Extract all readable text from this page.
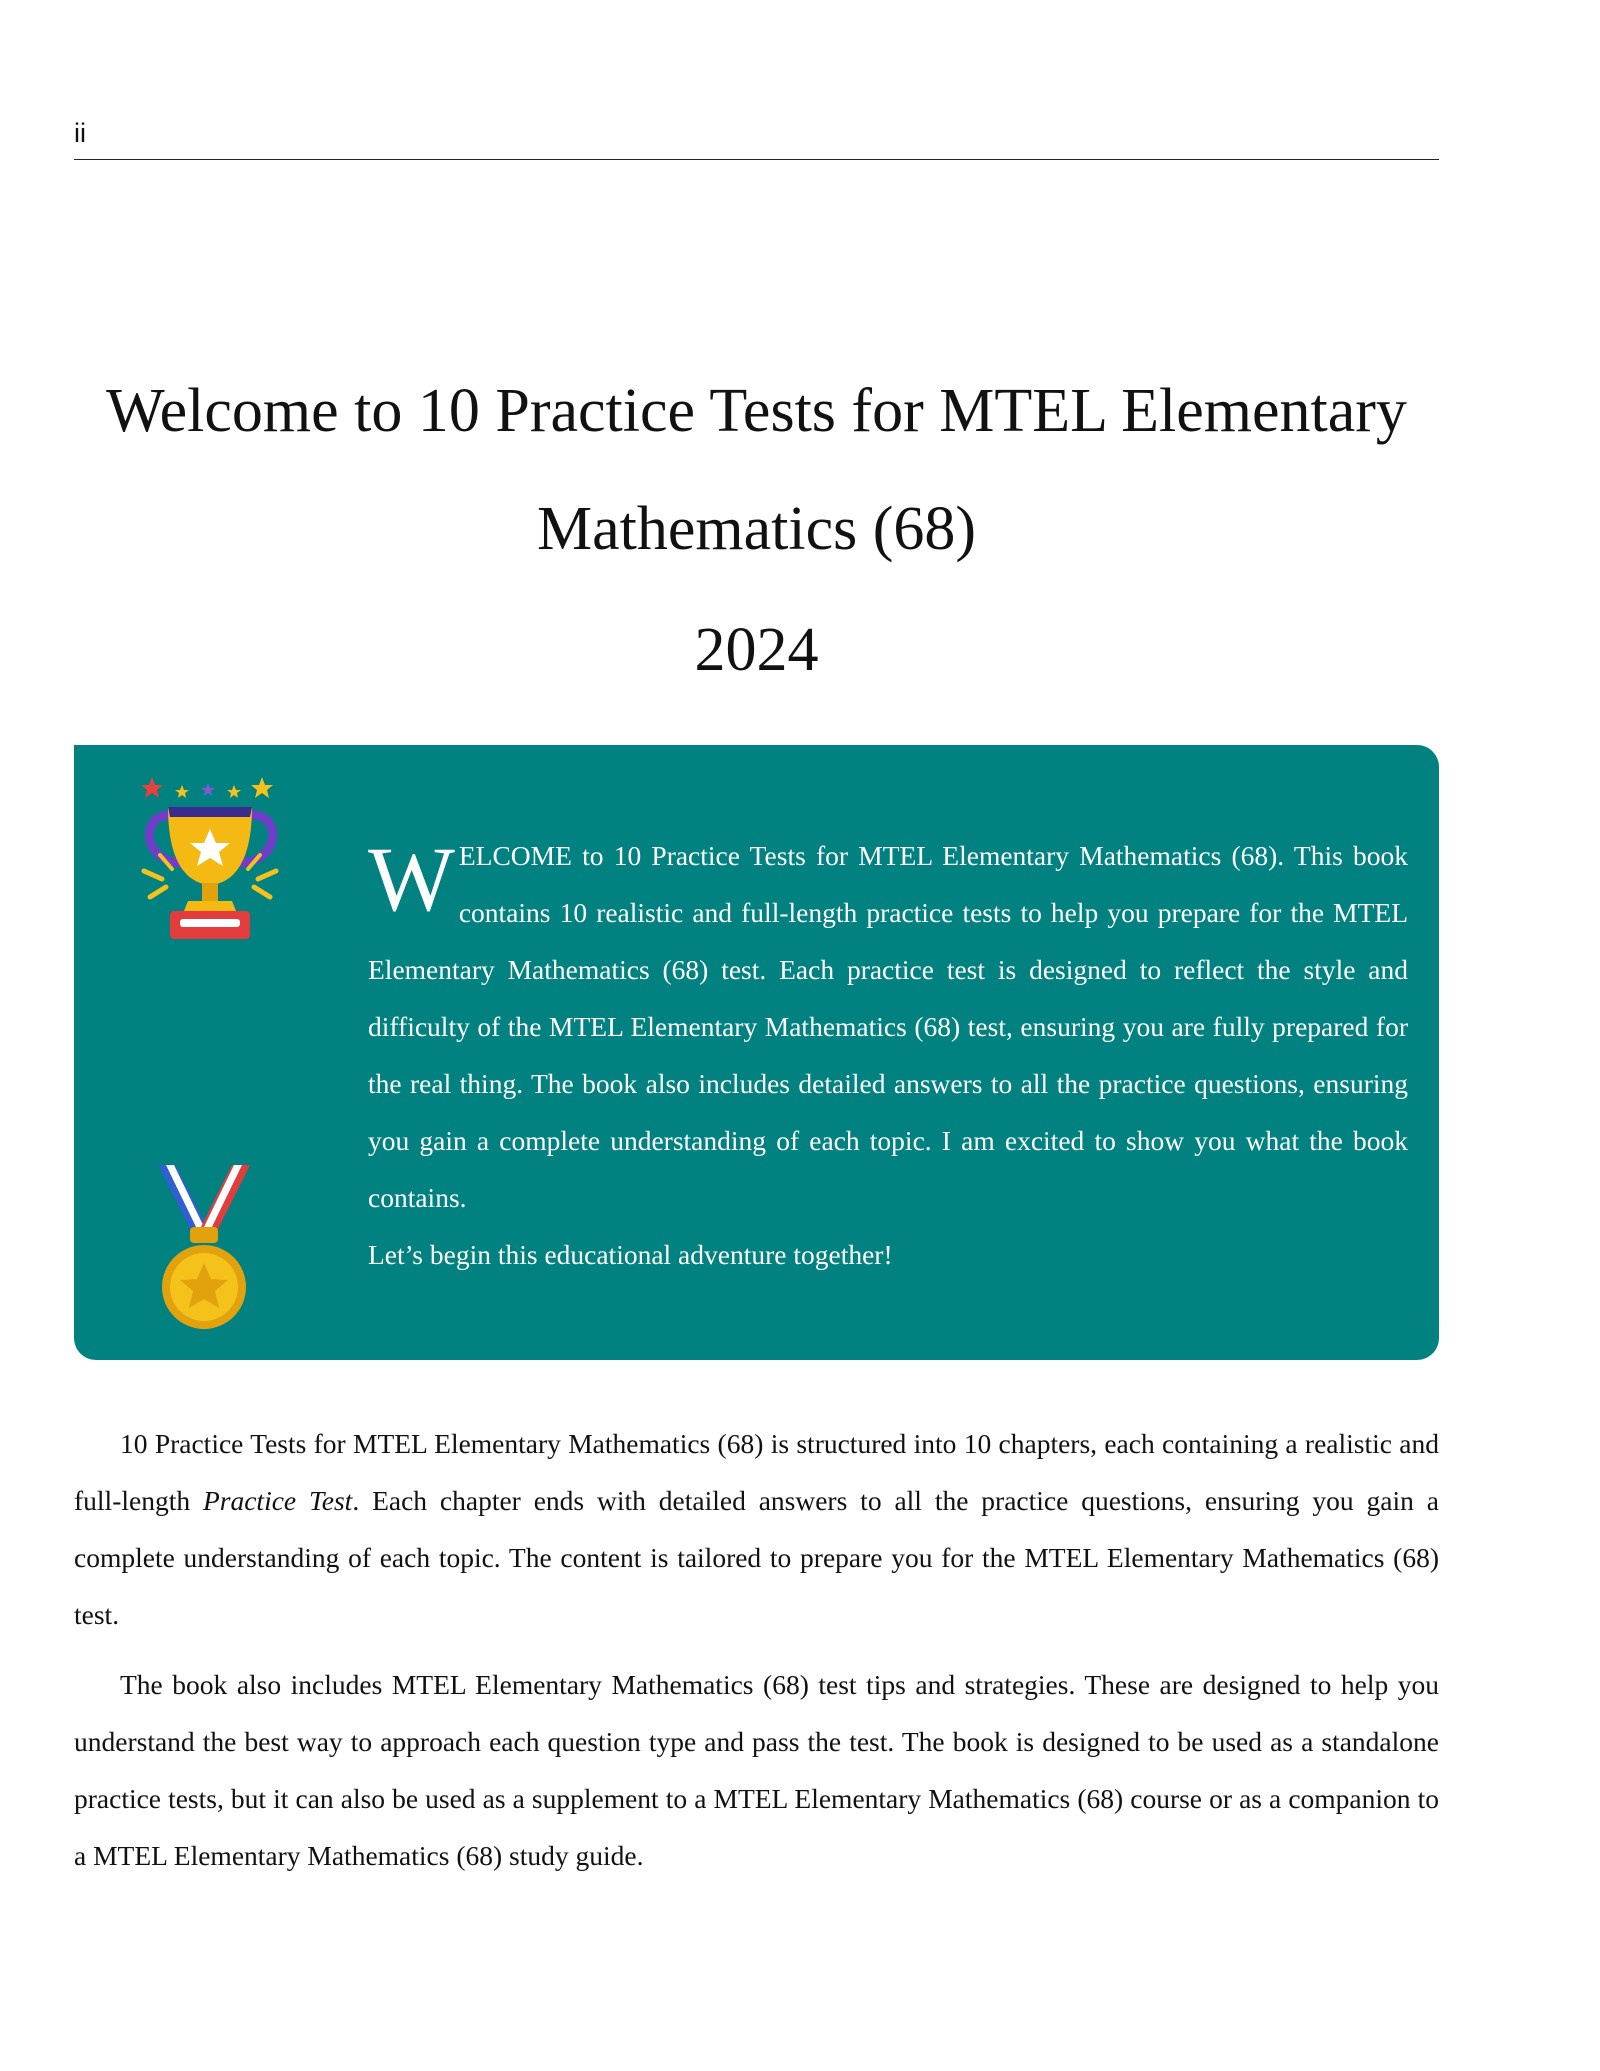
ii
Welcome to 10 Practice Tests for MTEL Elementary Mathematics (68)
2024
WELCOME to 10 Practice Tests for MTEL Elementary Mathematics (68). This book contains 10 realistic and full-length practice tests to help you prepare for the MTEL Elementary Mathematics (68) test. Each practice test is designed to reflect the style and difficulty of the MTEL Elementary Mathematics (68) test, ensuring you are fully prepared for the real thing. The book also includes detailed answers to all the practice questions, ensuring you gain a complete understanding of each topic. I am excited to show you what the book contains.
Let’s begin this educational adventure together!

10 Practice Tests for MTEL Elementary Mathematics (68) is structured into 10 chapters, each containing a realistic and full-length Practice Test. Each chapter ends with detailed answers to all the practice questions, ensuring you gain a complete understanding of each topic. The content is tailored to prepare you for the MTEL Elementary Mathematics (68) test.

The book also includes MTEL Elementary Mathematics (68) test tips and strategies. These are designed to help you understand the best way to approach each question type and pass the test. The book is designed to be used as a standalone practice tests, but it can also be used as a supplement to a MTEL Elementary Mathematics (68) course or as a companion to a MTEL Elementary Mathematics (68) study guide.
